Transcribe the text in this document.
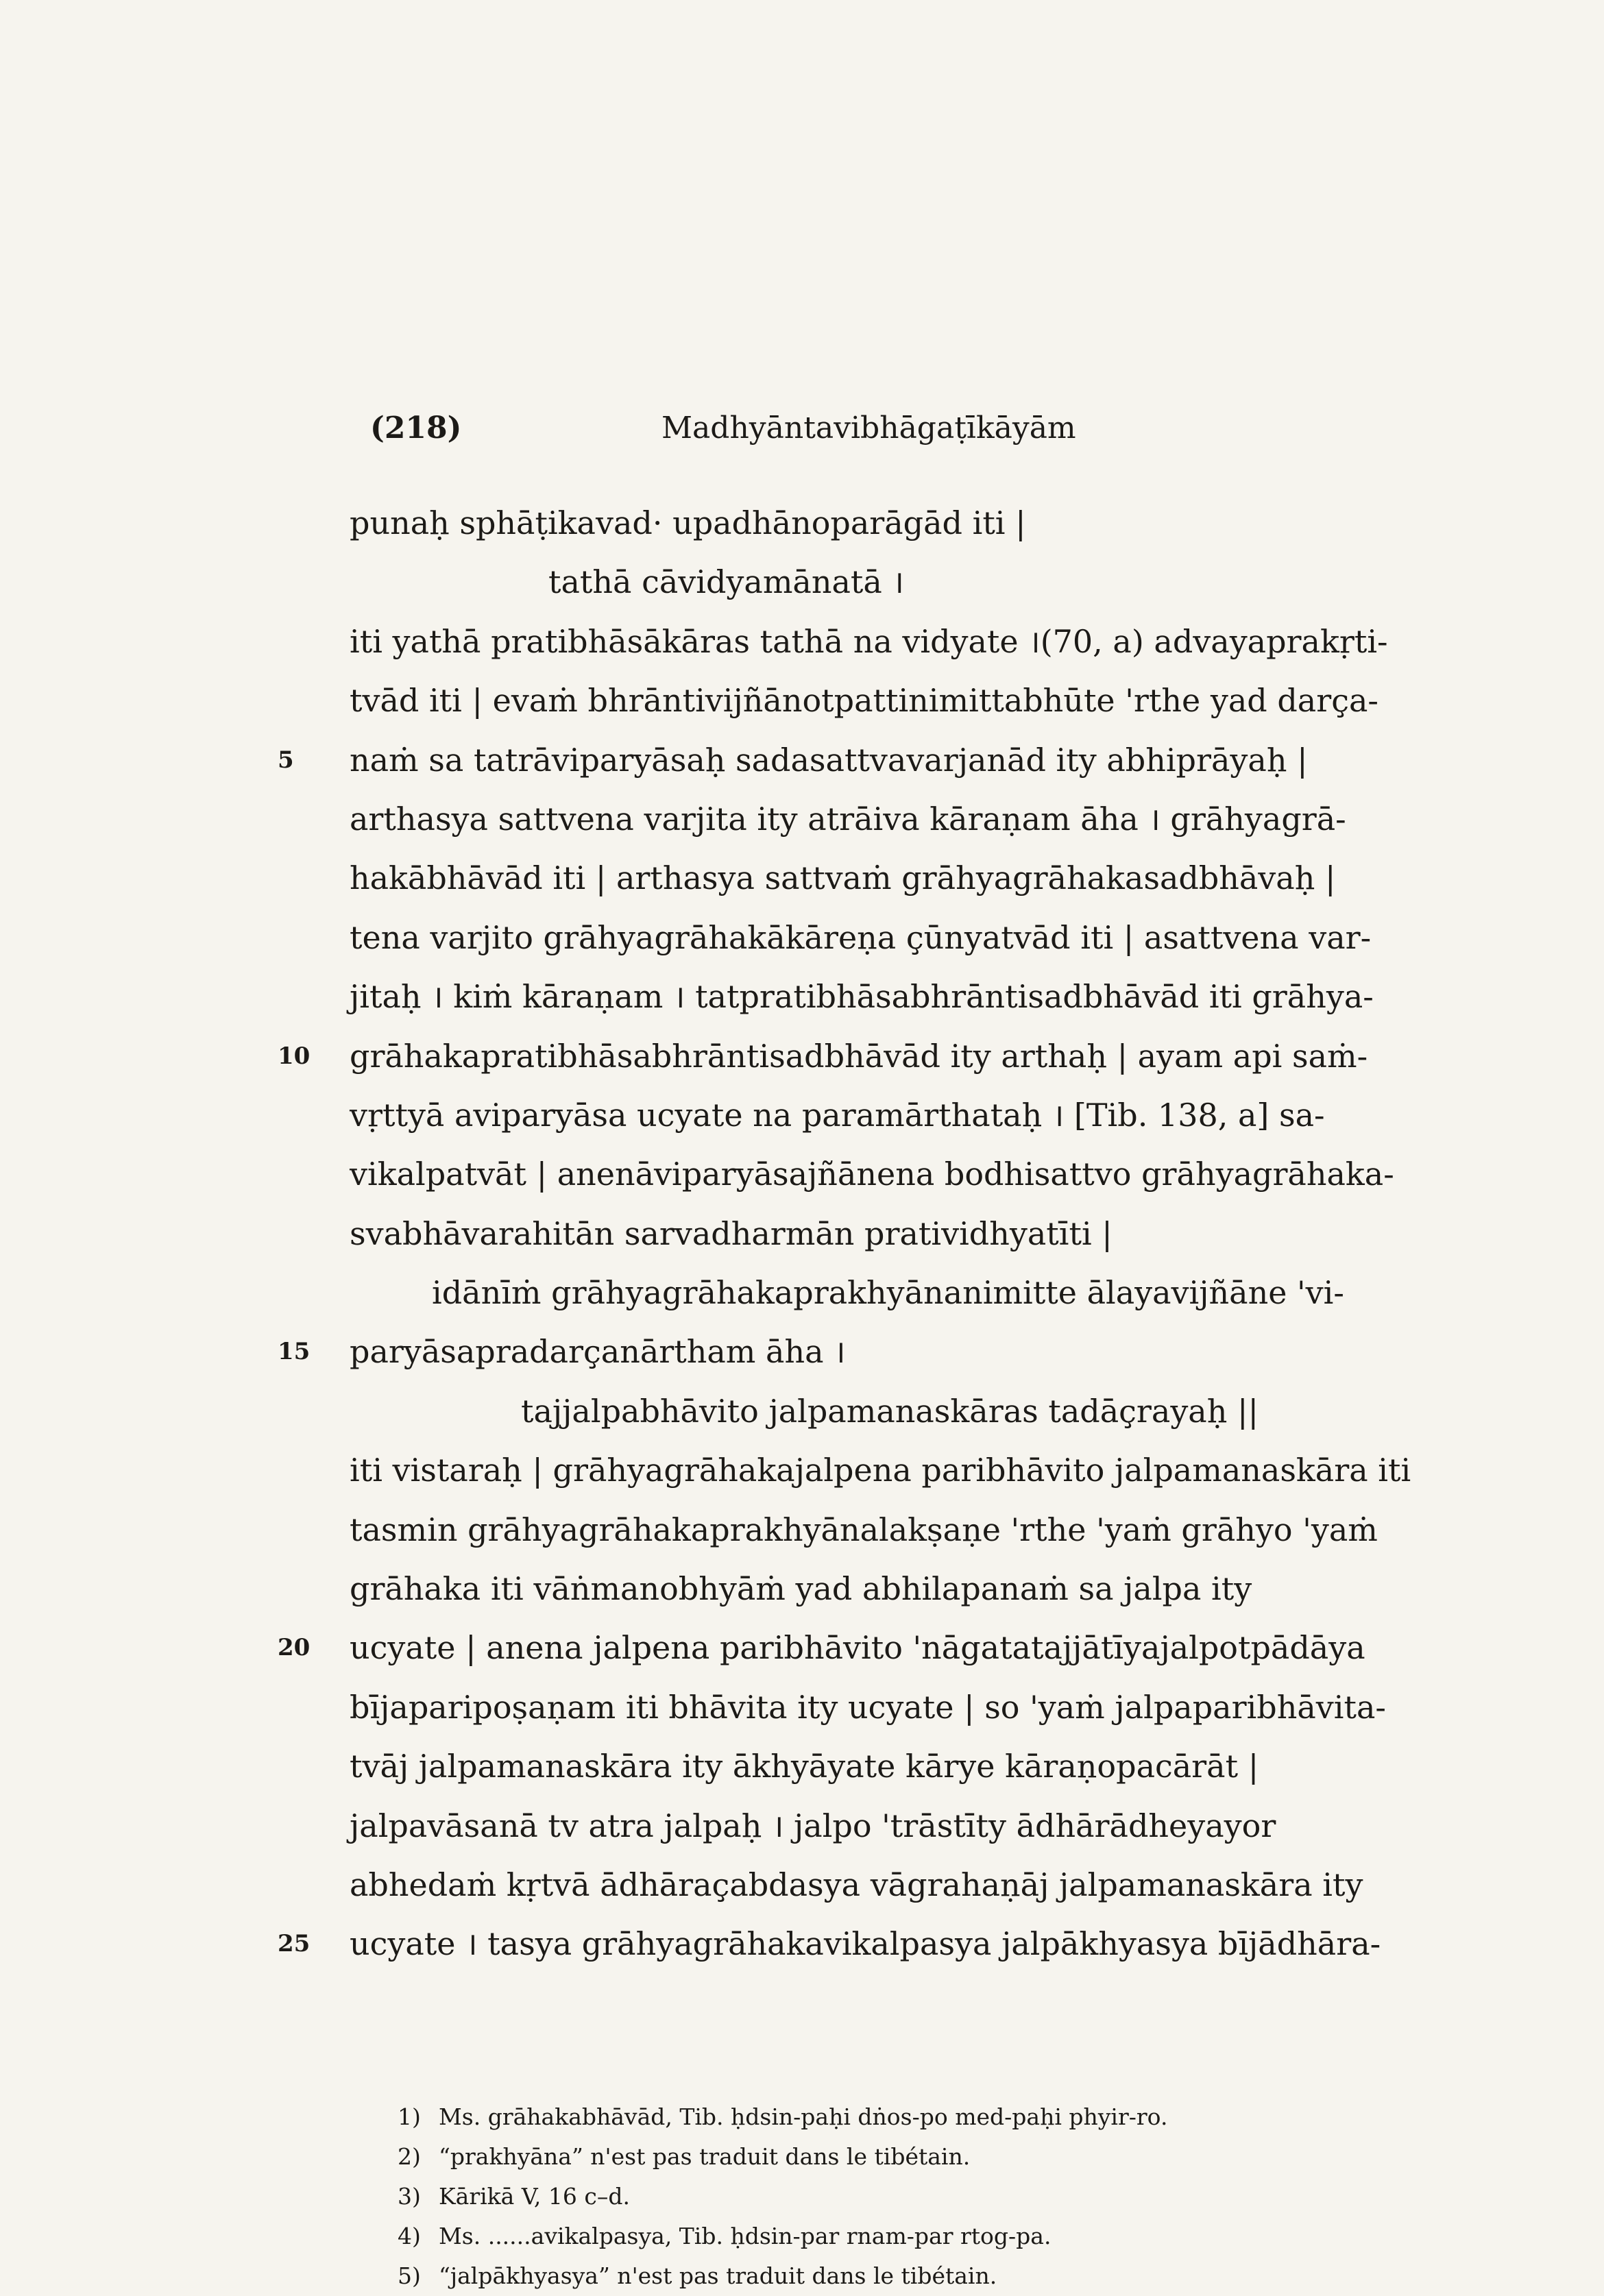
(218)	Madhyāntavibhāgaṭīkāyām
punaḥ sphāṭikavad· upadhānoparāgād iti |
tathā cāvidyamānatā ।
iti yathā pratibhāsākāras tathā na vidyate ।(70, a) advayaprakṛti-
tvād iti | evaṁ bhrāntivijñānotpattinimittabhūte 'rthe yad darça-
5	naṁ sa tatrāviparyāsaḥ sadasattvavarjanād ity abhiprāyaḥ |
arthasya sattvena varjita ity atrāiva kāraṇam āha । grāhyagrā-
hakābhāvād iti | arthasya sattvaṁ grāhyagrāhakasadbhāvaḥ |
tena varjito grāhyagrāhakākāreṇa çūnyatvād iti | asattvena var-
jitaḥ । kiṁ kāraṇam । tatpratibhāsabhrāntisadbhāvād iti grāhya-
10 grāhakapratibhāsabhrāntisadbhāvād ity arthaḥ | ayam api saṁ-
vṛttyā aviparyāsa ucyate na paramārthataḥ । [Tib. 138, a] sa-
vikalpatvāt | anenāviparyāsajñānena bodhisattvo grāhyagrāhaka-
svabhāvarahitān sarvadharmān pratividhyatīti |
idānīṁ grāhyagrāhakaprakhyānanimitte ālayavijñāne 'vi-
15 paryāsapradarçanārtham āha ।
tajjalpabhāvito jalpamanaskāras tadāçrayaḥ ||
iti vistaraḥ | grāhyagrāhakajalpena paribhāvito jalpamanaskāra iti
tasmin grāhyagrāhakaprakhyānalakṣaṇe 'rthe 'yaṁ grāhyo 'yaṁ
grāhaka iti vāṅmanobhyāṁ yad abhilapanaṁ sa jalpa ity
20 ucyate | anena jalpena paribhāvito 'nāgatatajjātīyajalpotpādāya
bījaparipoṣaṇam iti bhāvita ity ucyate | so 'yaṁ jalpaparibhāvita-
tvāj jalpamanaskāra ity ākhyāyate kārye kāraṇopacārāt |
jalpavāsanā tv atra jalpaḥ । jalpo 'trāstīty ādhārādheyayor
abhedaṁ kṛtvā ādhāraçabdasya vāgrahaṇāj jalpamanaskāra ity
25 ucyate । tasya grāhyagrāhakavikalpasya jalpākhyasya bījādhāra-
1) Ms. grāhakabhāvād, Tib. ḥdsin-paḥi dṅos-po med-paḥi phyir-ro.
2) “prakhyāna” n'est pas traduit dans le tibétain.
3) Kārikā V, 16 c–d.
4) Ms. ......avikalpasya, Tib. ḥdsin-par rnam-par rtog-pa.
5) “jalpākhyasya” n'est pas traduit dans le tibétain.
